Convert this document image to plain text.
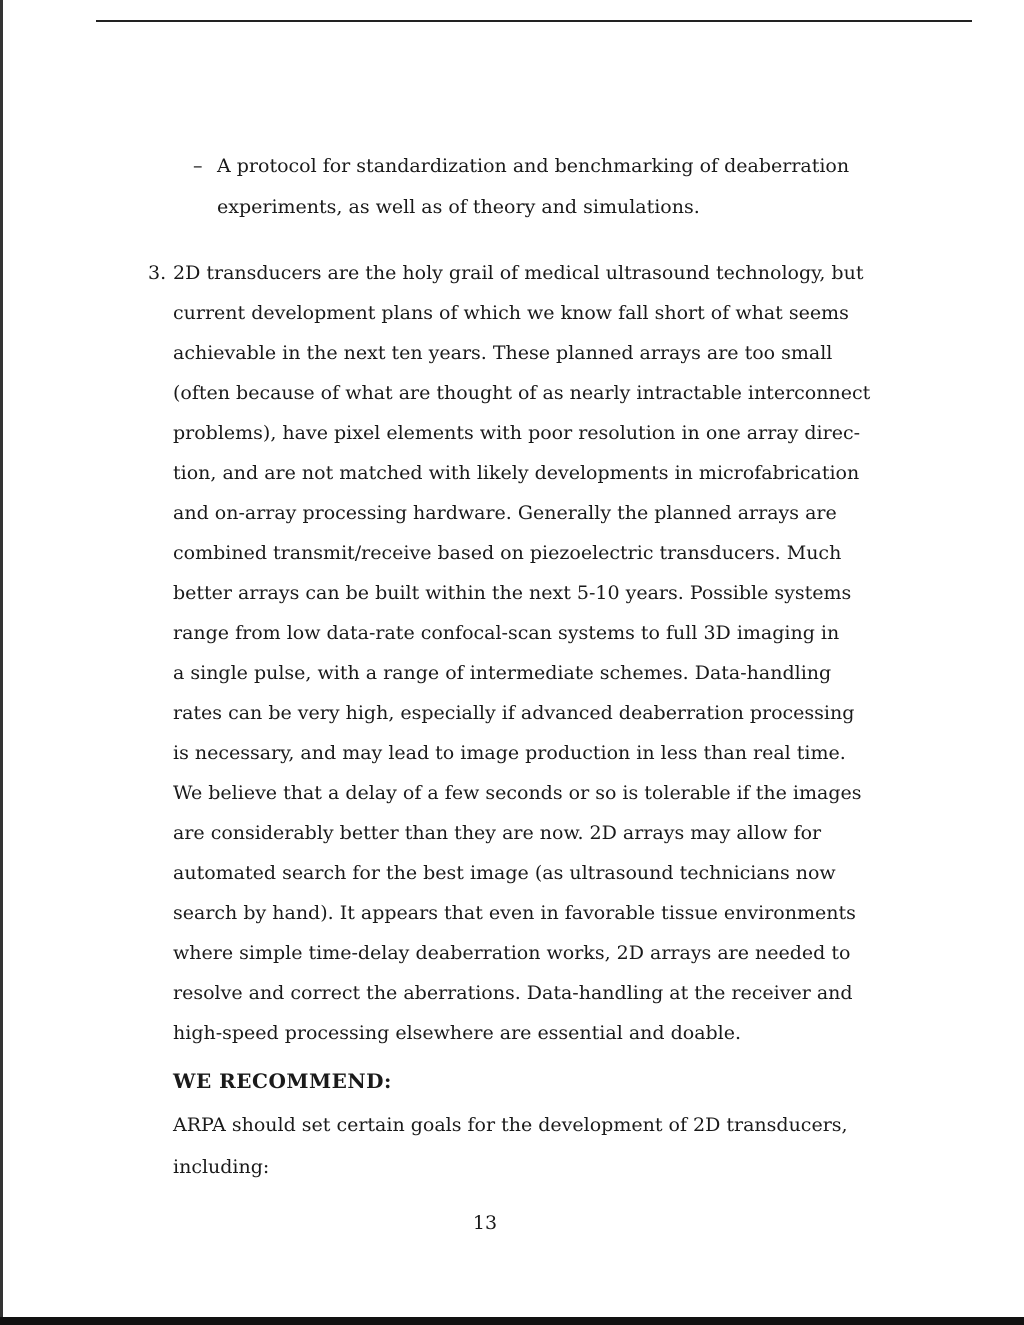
– A protocol for standardization and benchmarking of deaberration
experiments, as well as of theory and simulations.
3. 2D transducers are the holy grail of medical ultrasound technology, but
current development plans of which we know fall short of what seems
achievable in the next ten years. These planned arrays are too small
(often because of what are thought of as nearly intractable interconnect
problems), have pixel elements with poor resolution in one array direc-
tion, and are not matched with likely developments in microfabrication
and on-array processing hardware. Generally the planned arrays are
combined transmit/receive based on piezoelectric transducers. Much
better arrays can be built within the next 5-10 years. Possible systems
range from low data-rate confocal-scan systems to full 3D imaging in
a single pulse, with a range of intermediate schemes. Data-handling
rates can be very high, especially if advanced deaberration processing
is necessary, and may lead to image production in less than real time.
We believe that a delay of a few seconds or so is tolerable if the images
are considerably better than they are now. 2D arrays may allow for
automated search for the best image (as ultrasound technicians now
search by hand). It appears that even in favorable tissue environments
where simple time-delay deaberration works, 2D arrays are needed to
resolve and correct the aberrations. Data-handling at the receiver and
high-speed processing elsewhere are essential and doable.
WE RECOMMEND:
ARPA should set certain goals for the development of 2D transducers,
including:
13
